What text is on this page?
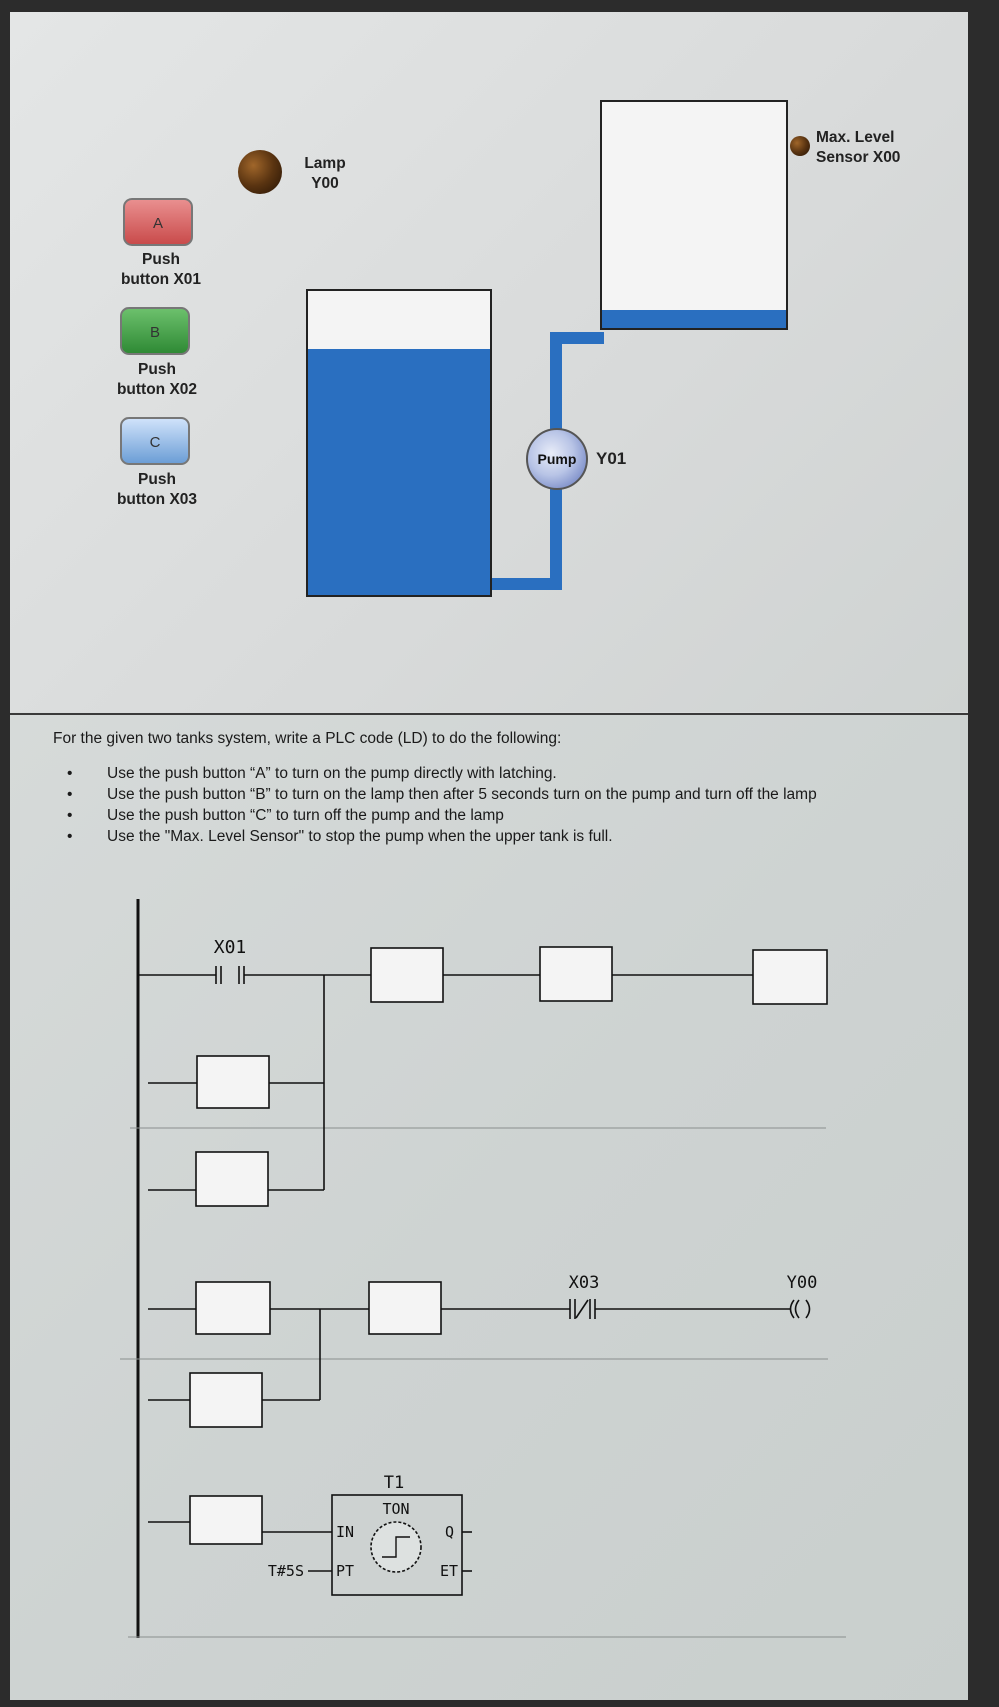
A
Push
button X01
B
Push
button X02
C
Push
button X03
Lamp
Y00
Max. Level
Sensor X00
Pump	Y01
For the given two tanks system, write a PLC code (LD) to do the following:
• Use the push button “A” to turn on the pump directly with latching.
• Use the push button “B” to turn on the lamp then after 5 seconds turn on the pump and turn off the lamp
• Use the push button “C” to turn off the pump and the lamp
• Use the "Max. Level Sensor" to stop the pump when the upper tank is full.
X01
X03	Y00
T1
TON
IN
PT
Q
ET
T#5S
